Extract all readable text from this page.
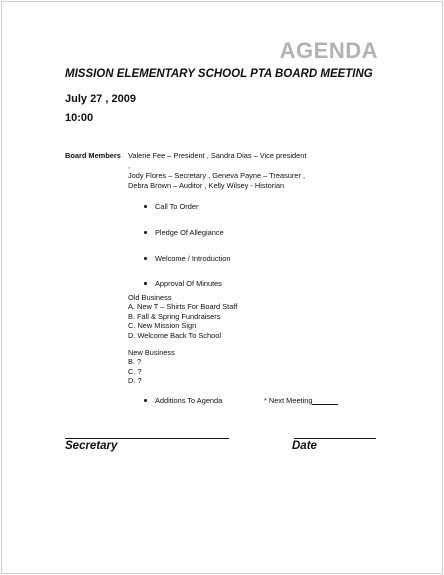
AGENDA
MISSION ELEMENTARY SCHOOL PTA BOARD MEETING
July 27 , 2009
10:00
Board Members Valerie Fee – President , Sandra Dias – Vice president ,
Jody Flores – Secretary , Geneva Payne – Treasurer ,
Debra Brown – Auditor , Kelly Wilsey - Historian
Call To Order
Pledge Of Allegiance
Welcome / Introduction
Approval Of Minutes
Old Business
A. New T – Shirts For Board Staff
B. Fall & Spring Fundraisers
C. New Mission Sign
D. Welcome Back To School
New Business
B. ?
C. ?
D. ?
Additions To Agenda	* Next Meeting
Secretary	Date
